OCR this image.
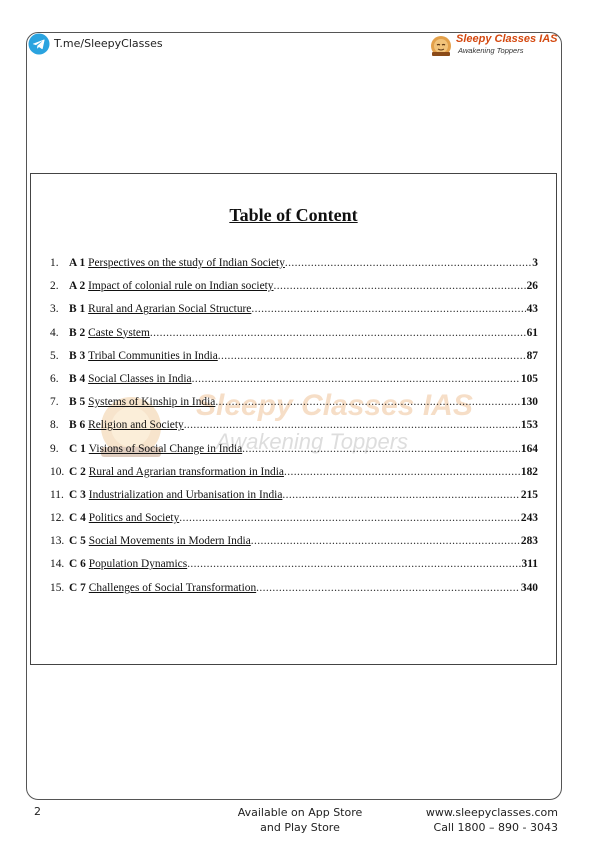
T.me/SleepyClasses	Sleepy Classes IAS
Awakening Toppers
Table of Content
Sleepy Classes IAS
Awakening Toppers
1. A 1 Perspectives on the study of Indian Society .....	3
2. A 2 Impact of colonial rule on Indian society .....	26
3. B 1 Rural and Agrarian Social Structure .....	43
4. B 2 Caste System .....	61
5. B 3 Tribal Communities in India .....	87
6. B 4 Social Classes in India .....	105
7. B 5 Systems of Kinship in India .....	130
8. B 6 Religion and Society .....	153
9. C 1 Visions of Social Change in India .....	164
10. C 2 Rural and Agrarian transformation in India .....	182
11. C 3 Industrialization and Urbanisation in India .....	215
12. C 4 Politics and Society .....	243
13. C 5 Social Movements in Modern India .....	283
14. C 6 Population Dynamics .....	311
15. C 7 Challenges of Social Transformation .....	340
2	Available on App Store
and Play Store
www.sleepyclasses.com
Call 1800 – 890 - 3043
